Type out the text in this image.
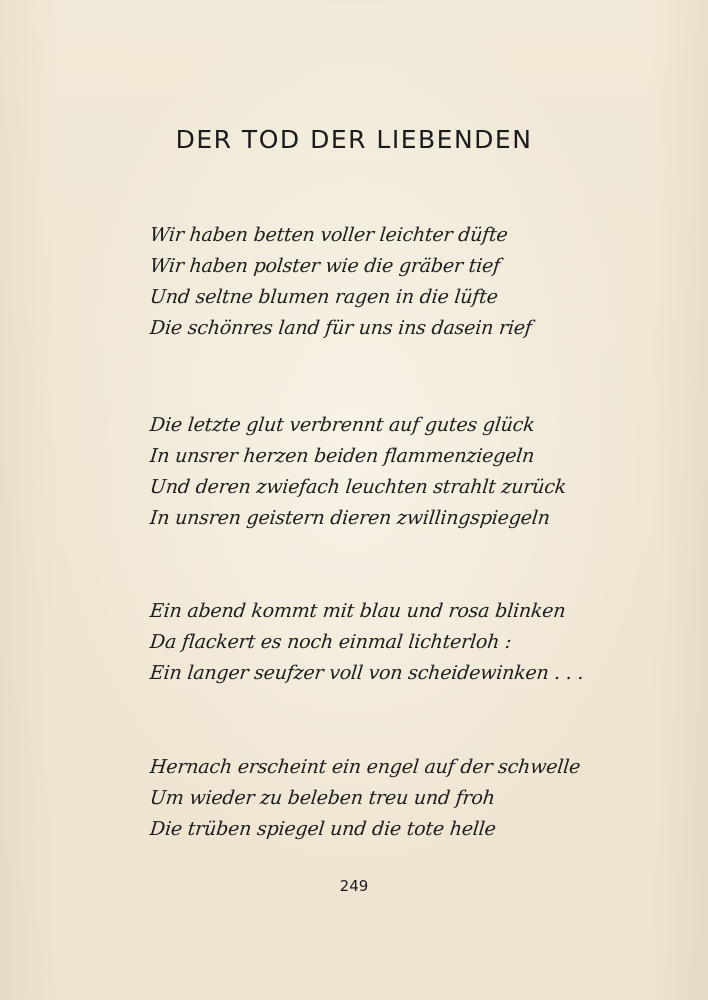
DER TOD DER LIEBENDEN
Wir haben betten voller leichter düfte
Wir haben polster wie die gräber tief
Und seltne blumen ragen in die lüfte
Die schönres land für uns ins dasein rief
Die letzte glut verbrennt auf gutes glück
In unsrer herzen beiden flammenziegeln
Und deren zwiefach leuchten strahlt zurück
In unsren geistern dieren zwillingspiegeln
Ein abend kommt mit blau und rosa blinken
Da flackert es noch einmal lichterloh :
Ein langer seufzer voll von scheidewinken . . .
Hernach erscheint ein engel auf der schwelle
Um wieder zu beleben treu und froh
Die trüben spiegel und die tote helle
249
